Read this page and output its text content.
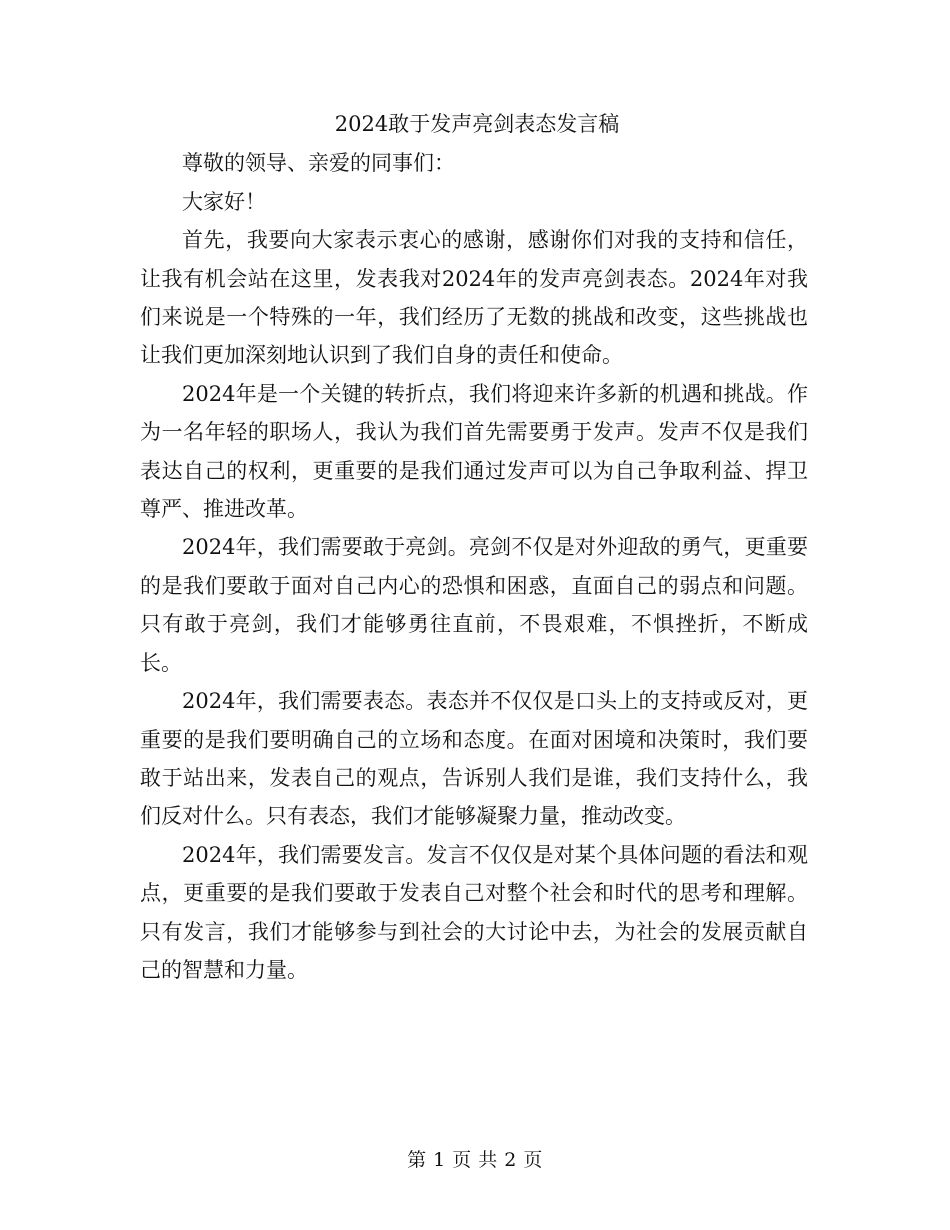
2024敢于发声亮剑表态发言稿

尊敬的领导、亲爱的同事们：

大家好！

首先，我要向大家表示衷心的感谢，感谢你们对我的支持和信任，让我有机会站在这里，发表我对2024年的发声亮剑表态。2024年对我们来说是一个特殊的一年，我们经历了无数的挑战和改变，这些挑战也让我们更加深刻地认识到了我们自身的责任和使命。

2024年是一个关键的转折点，我们将迎来许多新的机遇和挑战。作为一名年轻的职场人，我认为我们首先需要勇于发声。发声不仅是我们表达自己的权利，更重要的是我们通过发声可以为自己争取利益、捍卫尊严、推进改革。

2024年，我们需要敢于亮剑。亮剑不仅是对外迎敌的勇气，更重要的是我们要敢于面对自己内心的恐惧和困惑，直面自己的弱点和问题。只有敢于亮剑，我们才能够勇往直前，不畏艰难，不惧挫折，不断成长。

2024年，我们需要表态。表态并不仅仅是口头上的支持或反对，更重要的是我们要明确自己的立场和态度。在面对困境和决策时，我们要敢于站出来，发表自己的观点，告诉别人我们是谁，我们支持什么，我们反对什么。只有表态，我们才能够凝聚力量，推动改变。

2024年，我们需要发言。发言不仅仅是对某个具体问题的看法和观点，更重要的是我们要敢于发表自己对整个社会和时代的思考和理解。只有发言，我们才能够参与到社会的大讨论中去，为社会的发展贡献自己的智慧和力量。

第 1 页 共 2 页
